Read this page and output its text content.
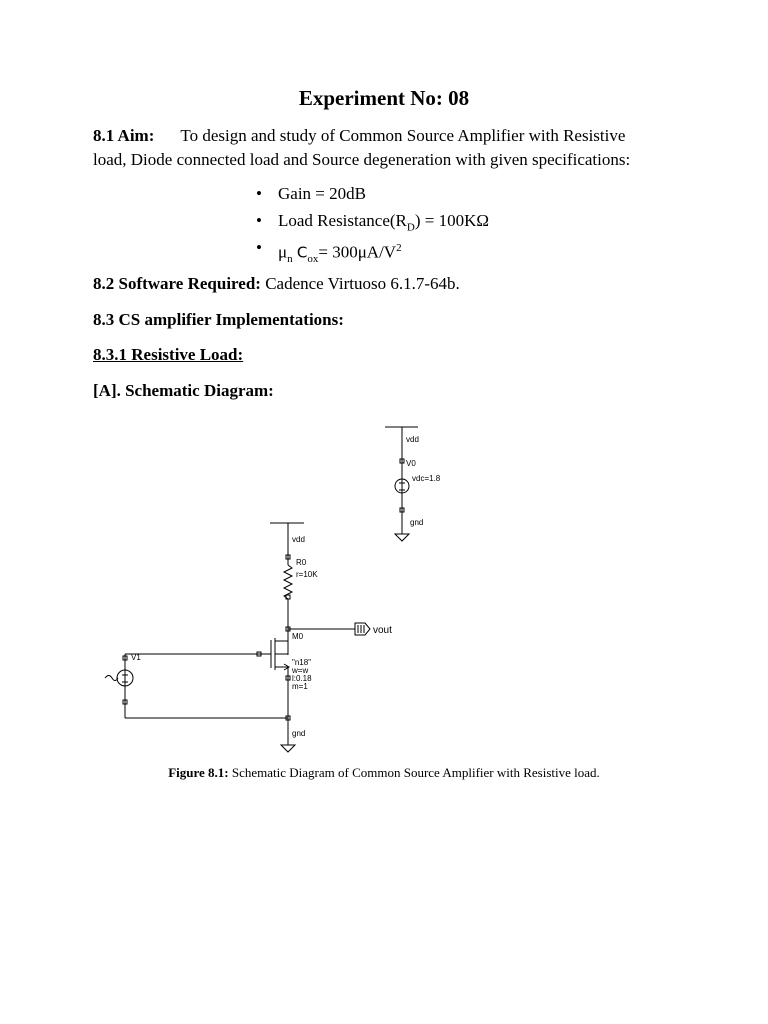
Experiment No: 08
8.1 Aim: To design and study of Common Source Amplifier with Resistive
load, Diode connected load and Source degeneration with given specifications:
• Gain = 20dB
• Load $Resistance(R_D) = 100K\Omega$
• $\mu_n$ $C_{ox}= 300\mu A/V^2$
8.2 Software Required: Cadence Virtuoso 6.1.7-64b.
8.3 CS amplifier Implementations:
8.3.1 Resistive Load:
[A]. Schematic Diagram:
vdd
V0
vdc=1.8
gnd
vdd
R0
r=10K
vout
M0
"n18"
w=w
l:0.18
m=1
V1
gnd
Figure 8.1: Schematic Diagram of Common Source Amplifier with Resistive load.
